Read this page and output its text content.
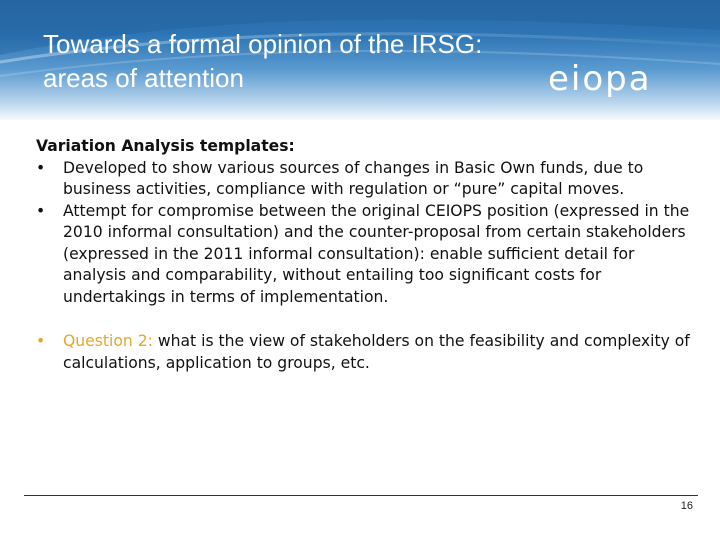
Towards a formal opinion of the IRSG:
areas of attention	eiopa

Variation Analysis templates:

•	Developed to show various sources of changes in Basic Own funds, due to business activities, compliance with regulation or “pure” capital moves.
•	Attempt for compromise between the original CEIOPS position (expressed in the 2010 informal consultation) and the counter-proposal from certain stakeholders (expressed in the 2011 informal consultation): enable sufficient detail for analysis and comparability, without entailing too significant costs for undertakings in terms of implementation.
•	Question 2: what is the view of stakeholders on the feasibility and complexity of calculations, application to groups, etc.
16
